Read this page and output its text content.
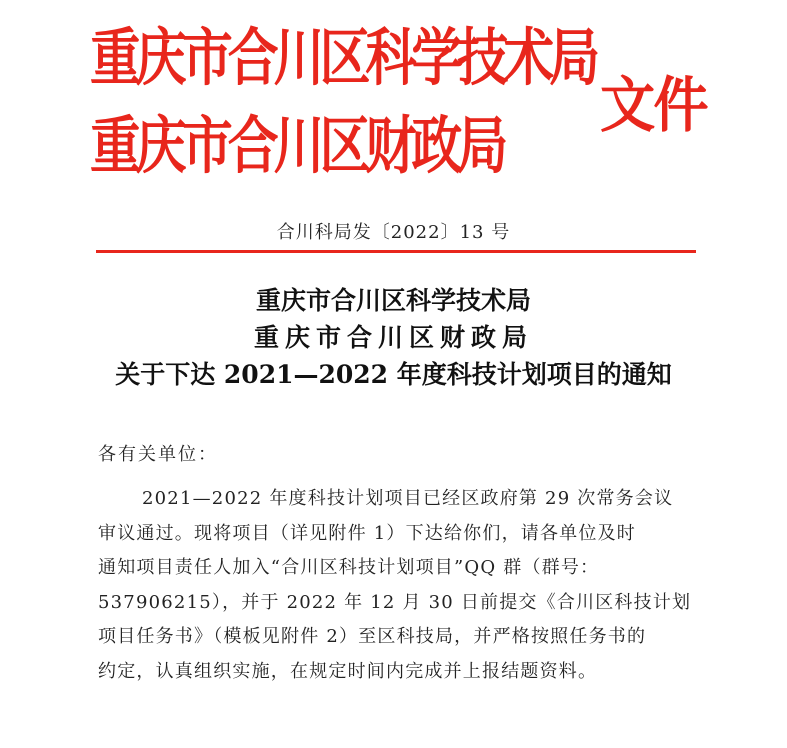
重庆市合川区科学技术局
重庆市合川区财政局
文件
合川科局发〔2022〕13 号
重庆市合川区科学技术局
重庆市合川区财政局
关于下达 2021—2022 年度科技计划项目的通知
各有关单位：
2021—2022 年度科技计划项目已经区政府第 29 次常务会议
审议通过。现将项目（详见附件 1）下达给你们，请各单位及时
通知项目责任人加入“合川区科技计划项目”QQ 群（群号：
537906215），并于 2022 年 12 月 30 日前提交《合川区科技计划
项目任务书》（模板见附件 2）至区科技局，并严格按照任务书的
约定，认真组织实施，在规定时间内完成并上报结题资料。
